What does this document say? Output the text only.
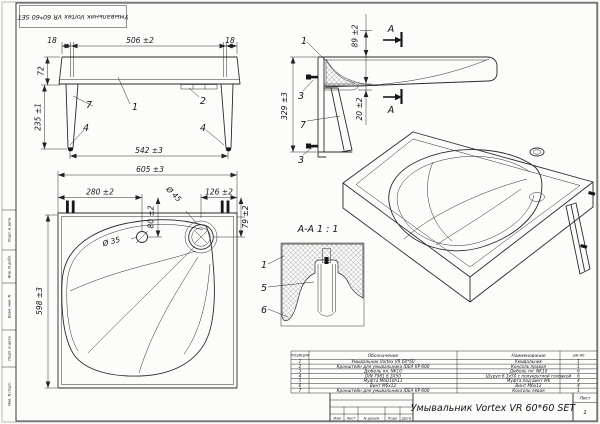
Подп. и дата
Инв. N дубл.
Взам. инв. N
Подп. и дата
Инв. N подл.
Умывальник Vortex VR 60*60 SET
18	506 ±2	18
72
235 ±1
542 ±3
605 ±3
7	1
2
4	4
329 ±3
89 ±2
20 ±2
1
3
7
3
А
А
280 ±2
80 ±2
126 ±2
79 ±2
598 ±3
Ø 45
Ø 35
А-А 1 : 1
1
5
6
ПОЗИЦИЯ	Обозначение	Наименование	а/К-80
1	Умывальник Vortex VR 60*60	Умывальник	1
2	Кронштейн для умывальника IDEA KP-600	Консоль правая	1
3	Дюбель пл. NK10	Дюбель пл. NK10	6
4	DIN 7981 6.3X50	Шуруп 6.3х50 с полукруглой головкой 6
5	Муфта М6D10h13	Муфта под винт М6	4
6	Винт М6х12	Винт М6х12	4
7	Кронштейн для умывальника IDEA KP-600	Консоль левая	1
Изм Лист N докум Подп Дата
Умывальник Vortex VR 60*60 SET
Лист
1
